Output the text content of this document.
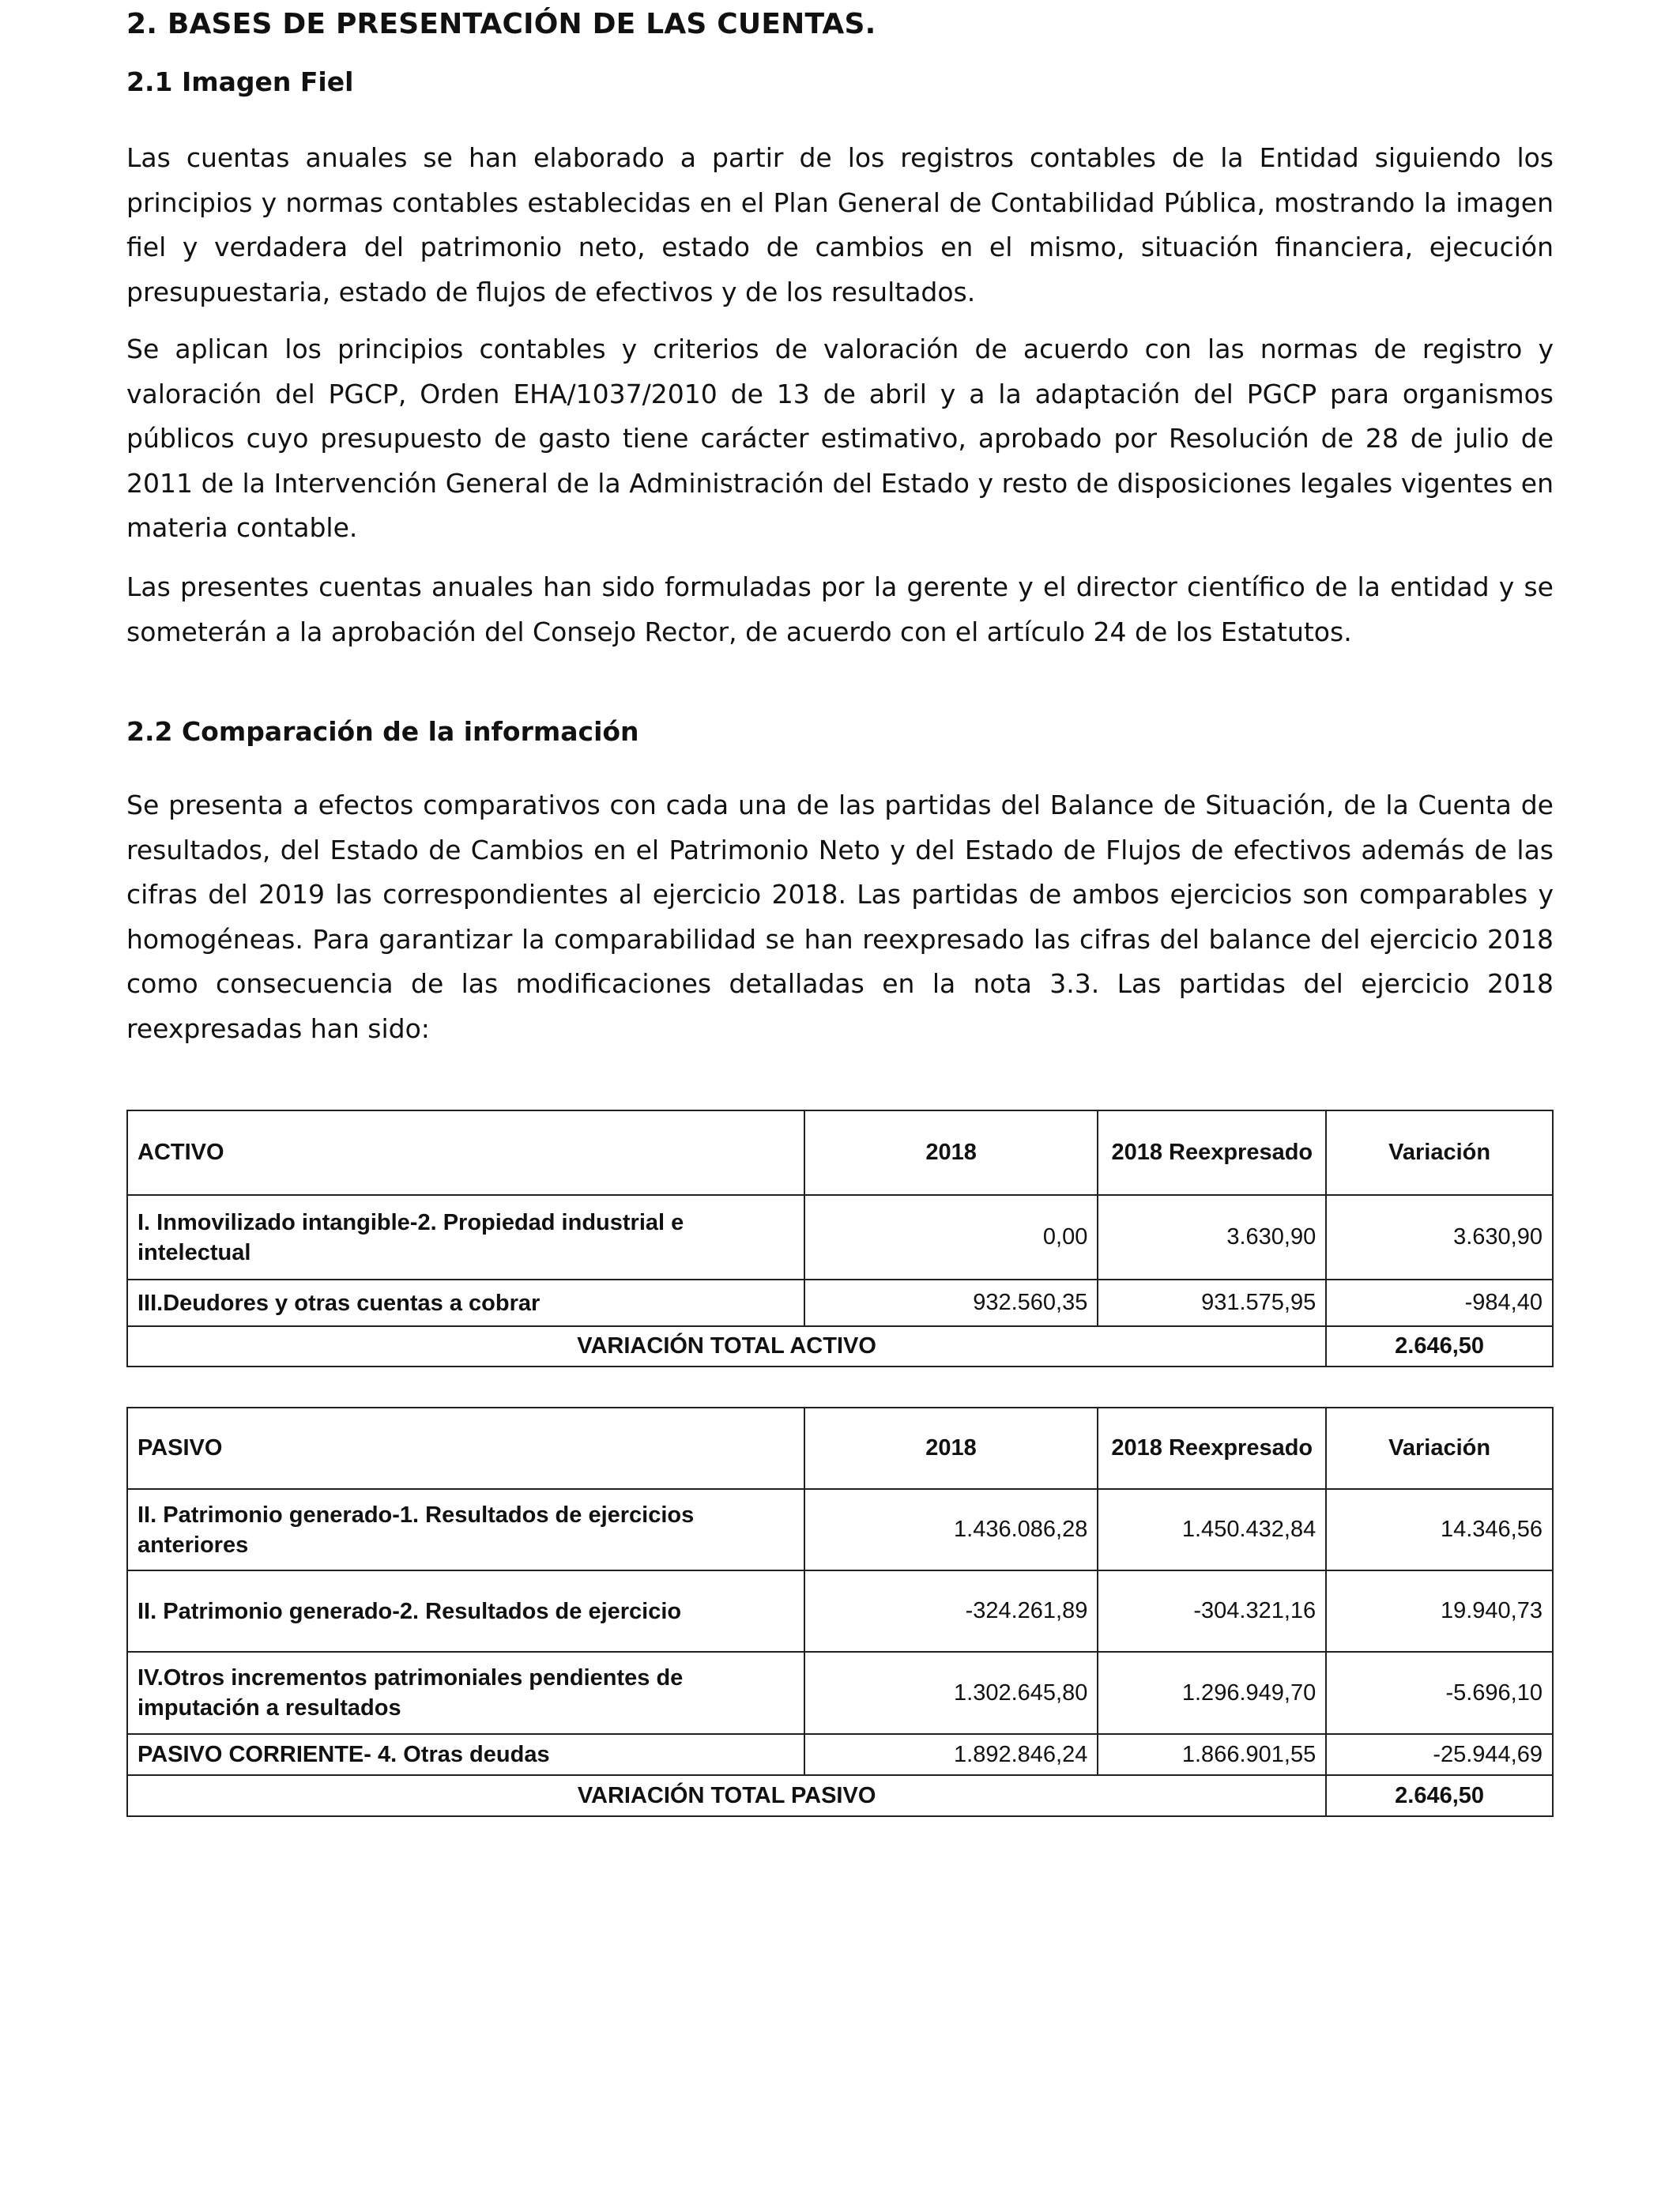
2. BASES DE PRESENTACIÓN DE LAS CUENTAS.
2.1 Imagen Fiel

Las cuentas anuales se han elaborado a partir de los registros contables de la Entidad siguiendo los principios y normas contables establecidas en el Plan General de Contabilidad Pública, mostrando la imagen fiel y verdadera del patrimonio neto, estado de cambios en el mismo, situación financiera, ejecución presupuestaria, estado de flujos de efectivos y de los resultados.

Se aplican los principios contables y criterios de valoración de acuerdo con las normas de registro y valoración del PGCP, Orden EHA/1037/2010 de 13 de abril y a la adaptación del PGCP para organismos públicos cuyo presupuesto de gasto tiene carácter estimativo, aprobado por Resolución de 28 de julio de 2011 de la Intervención General de la Administración del Estado y resto de disposiciones legales vigentes en materia contable.

Las presentes cuentas anuales han sido formuladas por la gerente y el director científico de la entidad y se someterán a la aprobación del Consejo Rector, de acuerdo con el artículo 24 de los Estatutos.

2.2 Comparación de la información

Se presenta a efectos comparativos con cada una de las partidas del Balance de Situación, de la Cuenta de resultados, del Estado de Cambios en el Patrimonio Neto y del Estado de Flujos de efectivos además de las cifras del 2019 las correspondientes al ejercicio 2018. Las partidas de ambos ejercicios son comparables y homogéneas. Para garantizar la comparabilidad se han reexpresado las cifras del balance del ejercicio 2018 como consecuencia de las modificaciones detalladas en la nota 3.3. Las partidas del ejercicio 2018 reexpresadas han sido:

ACTIVO	2018	2018 Reexpresado	Variación
I. Inmovilizado intangible-2. Propiedad industrial e intelectual	0,00	3.630,90	3.630,90
III.Deudores y otras cuentas a cobrar	932.560,35	931.575,95	-984,40
VARIACIÓN TOTAL ACTIVO			2.646,50
PASIVO	2018	2018 Reexpresado	Variación
II. Patrimonio generado-1. Resultados de ejercicios anteriores	1.436.086,28	1.450.432,84	14.346,56
II. Patrimonio generado-2. Resultados de ejercicio	-324.261,89	-304.321,16	19.940,73
IV.Otros incrementos patrimoniales pendientes de imputación a resultados	1.302.645,80	1.296.949,70	-5.696,10
PASIVO CORRIENTE- 4. Otras deudas	1.892.846,24	1.866.901,55	-25.944,69
VARIACIÓN TOTAL PASIVO			2.646,50
